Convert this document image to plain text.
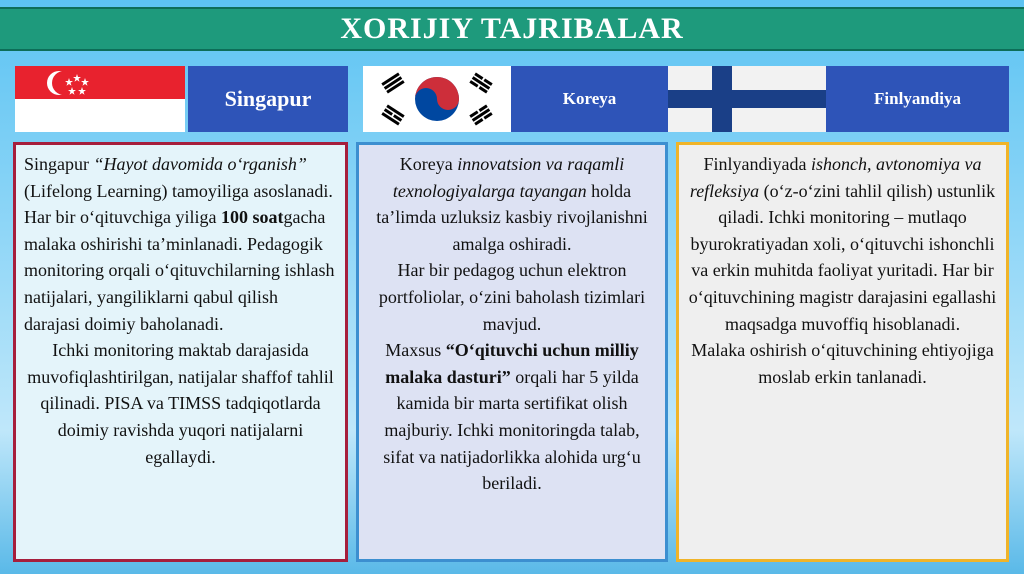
XORIJIY TAJRIBALAR
Singapur	Koreya	Finlyandiya

Singapur “Hayot davomida o‘rganish” (Lifelong Learning) tamoyiliga asoslanadi. Har bir o‘qituvchiga yiliga 100 soatgacha malaka oshirishi ta’minlanadi. Pedagogik monitoring orqali o‘qituvchilarning ishlash natijalari, yangiliklarni qabul qilish darajasi doimiy baholanadi.

Ichki monitoring maktab darajasida muvofiqlashtirilgan, natijalar shaffof tahlil qilinadi. PISA va TIMSS tadqiqotlarda doimiy ravishda yuqori natijalarni egallaydi.

Koreya innovatsion va raqamli texnologiyalarga tayangan holda ta’limda uzluksiz kasbiy rivojlanishni amalga oshiradi.

Har bir pedagog uchun elektron portfoliolar, o‘zini baholash tizimlari mavjud.

Maxsus “O‘qituvchi uchun milliy malaka dasturi” orqali har 5 yilda kamida bir marta sertifikat olish majburiy. Ichki monitoringda talab, sifat va natijadorlikka alohida urg‘u beriladi.

Finlyandiyada ishonch, avtonomiya va refleksiya (o‘z-o‘zini tahlil qilish) ustunlik qiladi. Ichki monitoring – mutlaqo byurokratiyadan xoli, o‘qituvchi ishonchli va erkin muhitda faoliyat yuritadi. Har bir o‘qituvchining magistr darajasini egallashi maqsadga muvoffiq hisoblanadi.

Malaka oshirish o‘qituvchining ehtiyojiga moslab erkin tanlanadi.
